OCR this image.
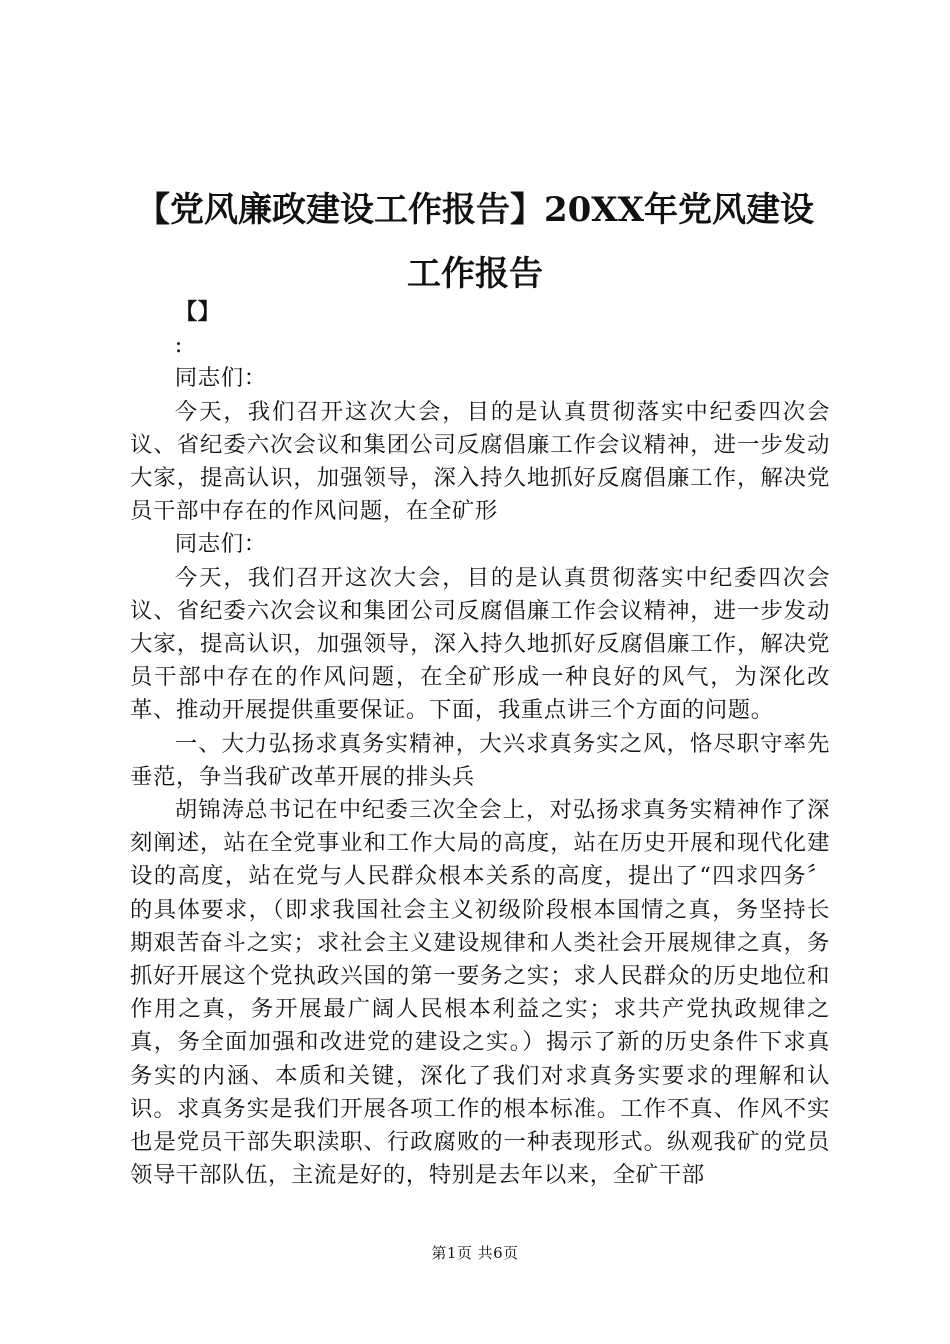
【党风廉政建设工作报告】20XX年党风建设工作报告

【】

:

同志们：

今天，我们召开这次大会，目的是认真贯彻落实中纪委四次会议、省纪委六次会议和集团公司反腐倡廉工作会议精神，进一步发动大家，提高认识，加强领导，深入持久地抓好反腐倡廉工作，解决党员干部中存在的作风问题，在全矿形

同志们：

今天，我们召开这次大会，目的是认真贯彻落实中纪委四次会议、省纪委六次会议和集团公司反腐倡廉工作会议精神，进一步发动大家，提高认识，加强领导，深入持久地抓好反腐倡廉工作，解决党员干部中存在的作风问题，在全矿形成一种良好的风气，为深化改革、推动开展提供重要保证。下面，我重点讲三个方面的问题。

一、大力弘扬求真务实精神，大兴求真务实之风，恪尽职守率先垂范，争当我矿改革开展的排头兵

胡锦涛总书记在中纪委三次全会上，对弘扬求真务实精神作了深刻阐述，站在全党事业和工作大局的高度，站在历史开展和现代化建设的高度，站在党与人民群众根本关系的高度，提出了“四求四务〞的具体要求，（即求我国社会主义初级阶段根本国情之真，务坚持长期艰苦奋斗之实；求社会主义建设规律和人类社会开展规律之真，务抓好开展这个党执政兴国的第一要务之实；求人民群众的历史地位和作用之真，务开展最广阔人民根本利益之实；求共产党执政规律之真，务全面加强和改进党的建设之实。）揭示了新的历史条件下求真务实的内涵、本质和关键，深化了我们对求真务实要求的理解和认识。求真务实是我们开展各项工作的根本标准。工作不真、作风不实也是党员干部失职渎职、行政腐败的一种表现形式。纵观我矿的党员领导干部队伍，主流是好的，特别是去年以来，全矿干部

第1页 共6页
